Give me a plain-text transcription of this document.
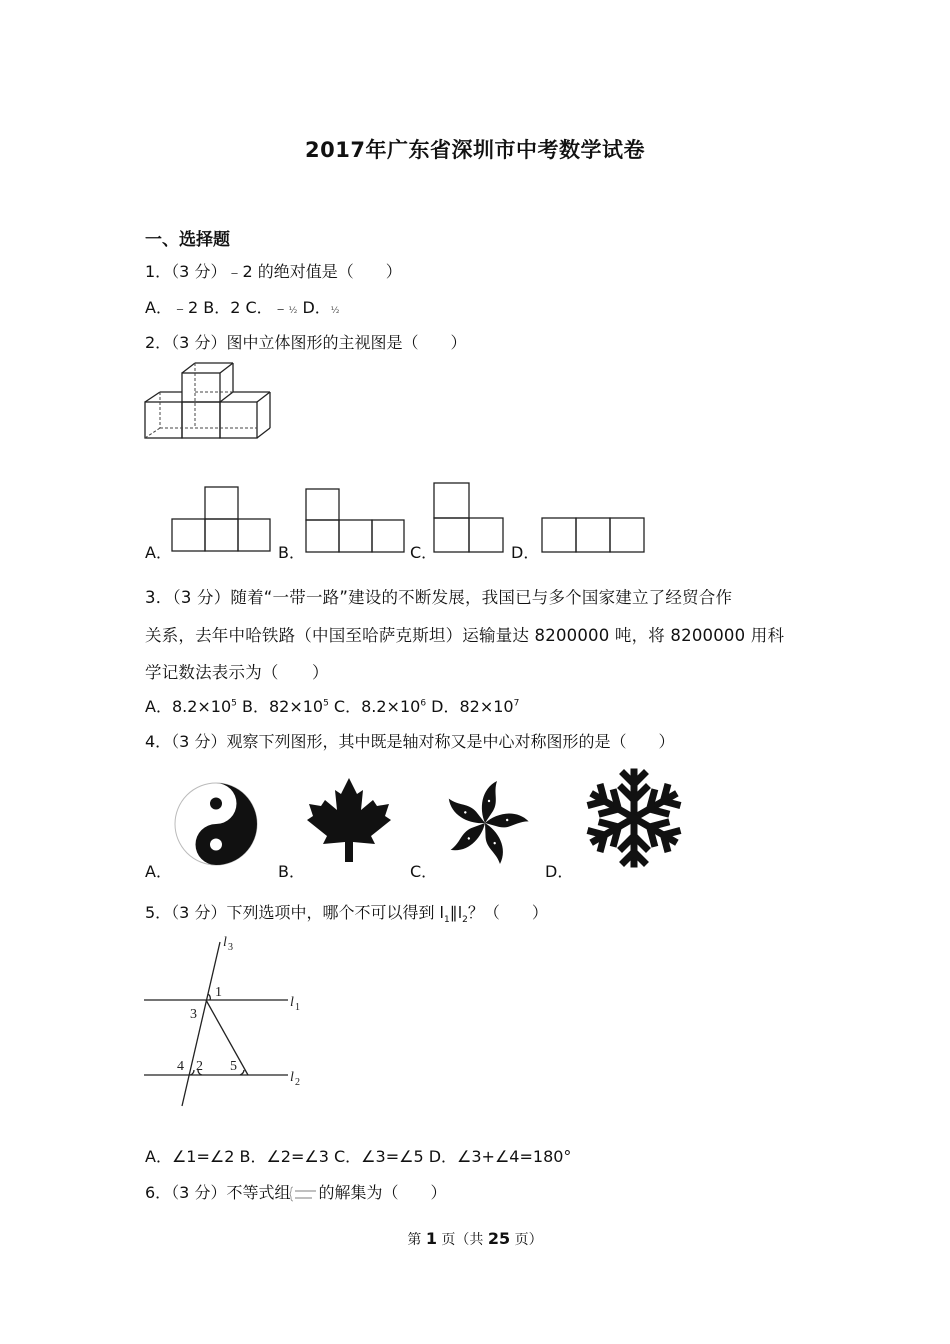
2017年广东省深圳市中考数学试卷
一、选择题
1．（3 分）﹣2 的绝对值是（　　）
A．﹣2 B．2 C．﹣½ D．½
2．（3 分）图中立体图形的主视图是（　　）
A．	B．	C．	D．
3．（3 分）随着“一带一路”建设的不断发展，我国已与多个国家建立了经贸合作
关系，去年中哈铁路（中国至哈萨克斯坦）运输量达 8200000 吨，将 8200000 用科
学记数法表示为（　　）
A．$8.2\times 10^5$ B．$82\times 10^5$ C．$8.2\times 10^6$ D．$82\times 10^7$
4．（3 分）观察下列图形，其中既是轴对称又是中心对称图形的是（　　）
A．	B．	C．	D．
5．（3 分）下列选项中，哪个不可以得到 $l_1\parallel l_2$？（　　）
l 3
l 1
l 2
1
3
4 2 5
A．∠1=∠2 B．∠2=∠3 C．∠3=∠5 D．∠3+∠4=180°
6．（3 分）不等式组 的解集为（　　）
第 1 页（共 25 页）
